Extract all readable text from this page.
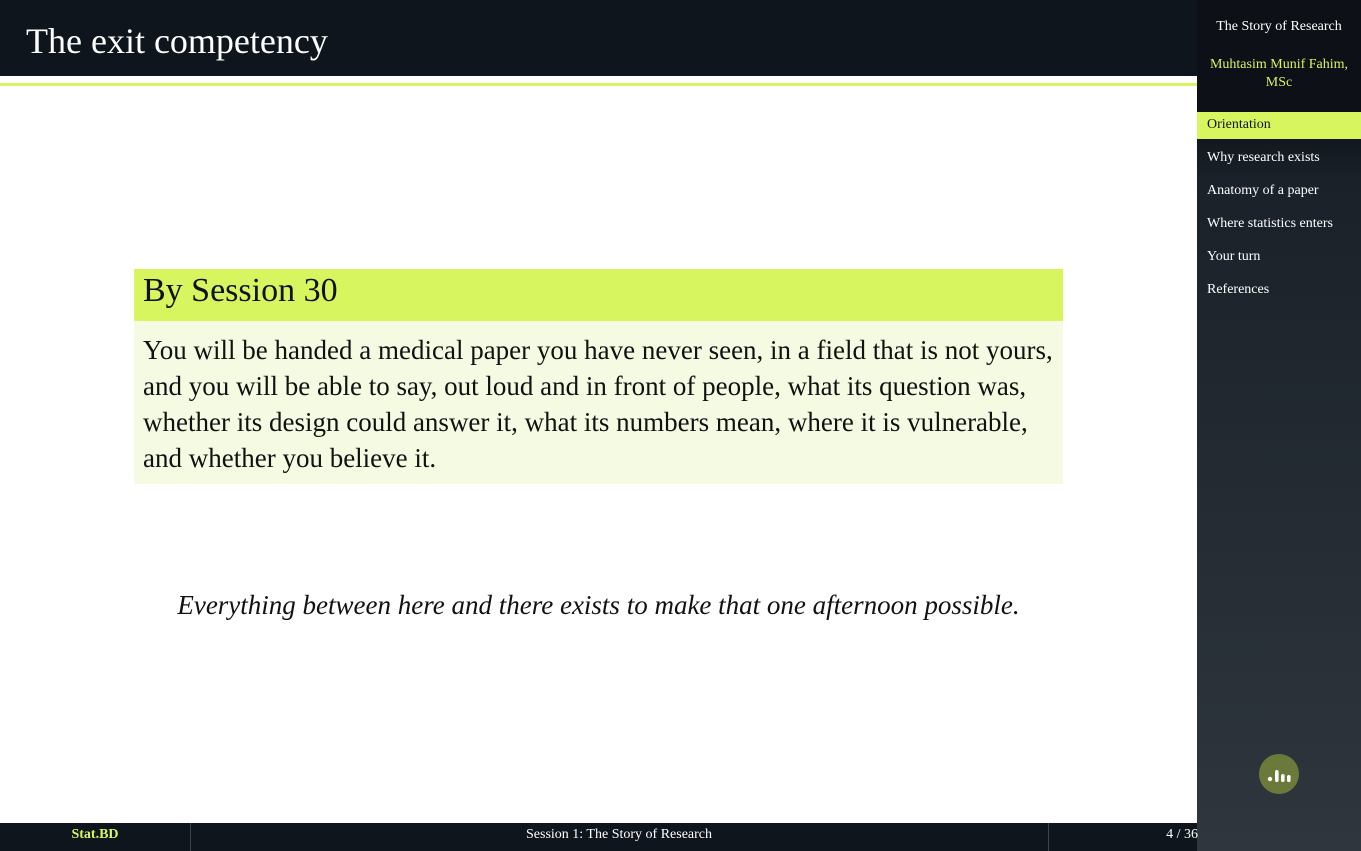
The exit competency
By Session 30
You will be handed a medical paper you have never seen, in a field that is not yours, and you will be able to say, out loud and in front of people, what its question was, whether its design could answer it, what its numbers mean, where it is vulnerable, and whether you believe it.
Everything between here and there exists to make that one afternoon possible.
The Story of Research
Muhtasim Munif Fahim, MSc
Orientation
Why research exists
Anatomy of a paper
Where statistics enters
Your turn
References
Stat.BD	Session 1: The Story of Research	4 / 36
